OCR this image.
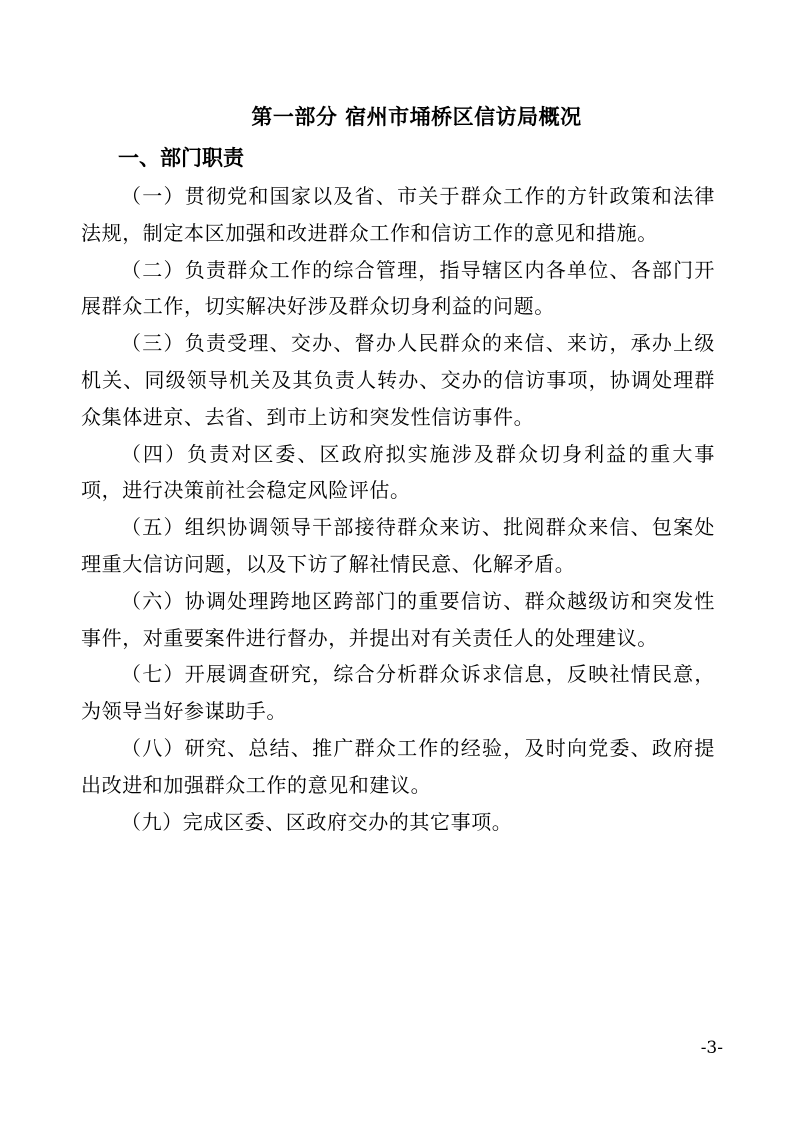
第一部分 宿州市埇桥区信访局概况
一、部门职责

（一）贯彻党和国家以及省、市关于群众工作的方针政策和法律法规，制定本区加强和改进群众工作和信访工作的意见和措施。

（二）负责群众工作的综合管理，指导辖区内各单位、各部门开展群众工作，切实解决好涉及群众切身利益的问题。

（三）负责受理、交办、督办人民群众的来信、来访，承办上级机关、同级领导机关及其负责人转办、交办的信访事项，协调处理群众集体进京、去省、到市上访和突发性信访事件。

（四）负责对区委、区政府拟实施涉及群众切身利益的重大事项，进行决策前社会稳定风险评估。

（五）组织协调领导干部接待群众来访、批阅群众来信、包案处理重大信访问题，以及下访了解社情民意、化解矛盾。

（六）协调处理跨地区跨部门的重要信访、群众越级访和突发性事件，对重要案件进行督办，并提出对有关责任人的处理建议。

（七）开展调查研究，综合分析群众诉求信息，反映社情民意，为领导当好参谋助手。

（八）研究、总结、推广群众工作的经验，及时向党委、政府提出改进和加强群众工作的意见和建议。

（九）完成区委、区政府交办的其它事项。

-3-
